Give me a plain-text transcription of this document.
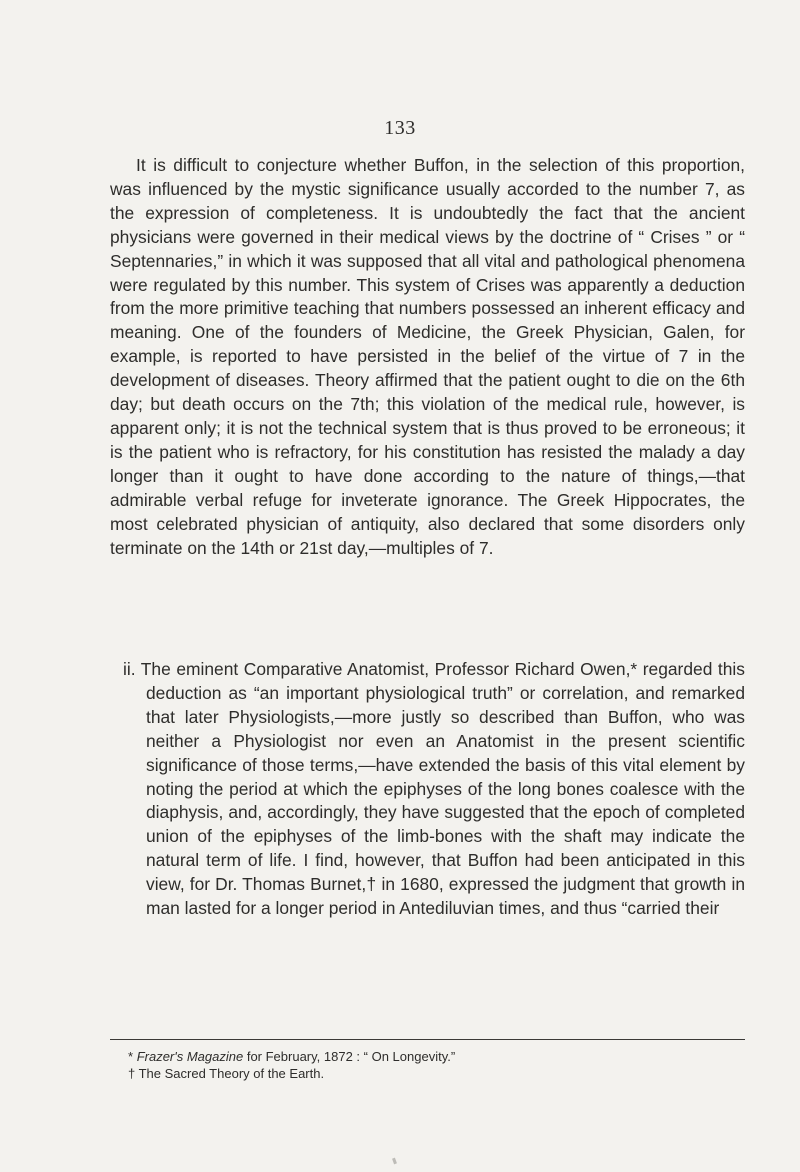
133
It is difficult to conjecture whether Buffon, in the selection of this proportion, was influenced by the mystic significance usually accorded to the number 7, as the expression of completeness. It is undoubtedly the fact that the ancient physicians were governed in their medical views by the doctrine of “ Crises ” or “ Septennaries,” in which it was supposed that all vital and pathological phenomena were regulated by this number. This system of Crises was apparently a deduction from the more primitive teaching that numbers possessed an inherent efficacy and meaning. One of the founders of Medicine, the Greek Physician, Galen, for example, is reported to have persisted in the belief of the virtue of 7 in the development of diseases. Theory affirmed that the patient ought to die on the 6th day; but death occurs on the 7th; this violation of the medical rule, however, is apparent only; it is not the technical system that is thus proved to be erroneous; it is the patient who is refractory, for his constitution has resisted the malady a day longer than it ought to have done according to the nature of things,—that admirable verbal refuge for inveterate ignorance. The Greek Hippocrates, the most celebrated physician of antiquity, also declared that some disorders only terminate on the 14th or 21st day,—multiples of 7.
ii. The eminent Comparative Anatomist, Professor Richard Owen,* regarded this deduction as “an important physiological truth” or correlation, and remarked that later Physiologists,—more justly so described than Buffon, who was neither a Physiologist nor even an Anatomist in the present scientific significance of those terms,—have extended the basis of this vital element by noting the period at which the epiphyses of the long bones coalesce with the diaphysis, and, accordingly, they have suggested that the epoch of completed union of the epiphyses of the limb-bones with the shaft may indicate the natural term of life. I find, however, that Buffon had been anticipated in this view, for Dr. Thomas Burnet,† in 1680, expressed the judgment that growth in man lasted for a longer period in Antediluvian times, and thus “carried their
* Frazer's Magazine for February, 1872 : “ On Longevity.”
† The Sacred Theory of the Earth.
